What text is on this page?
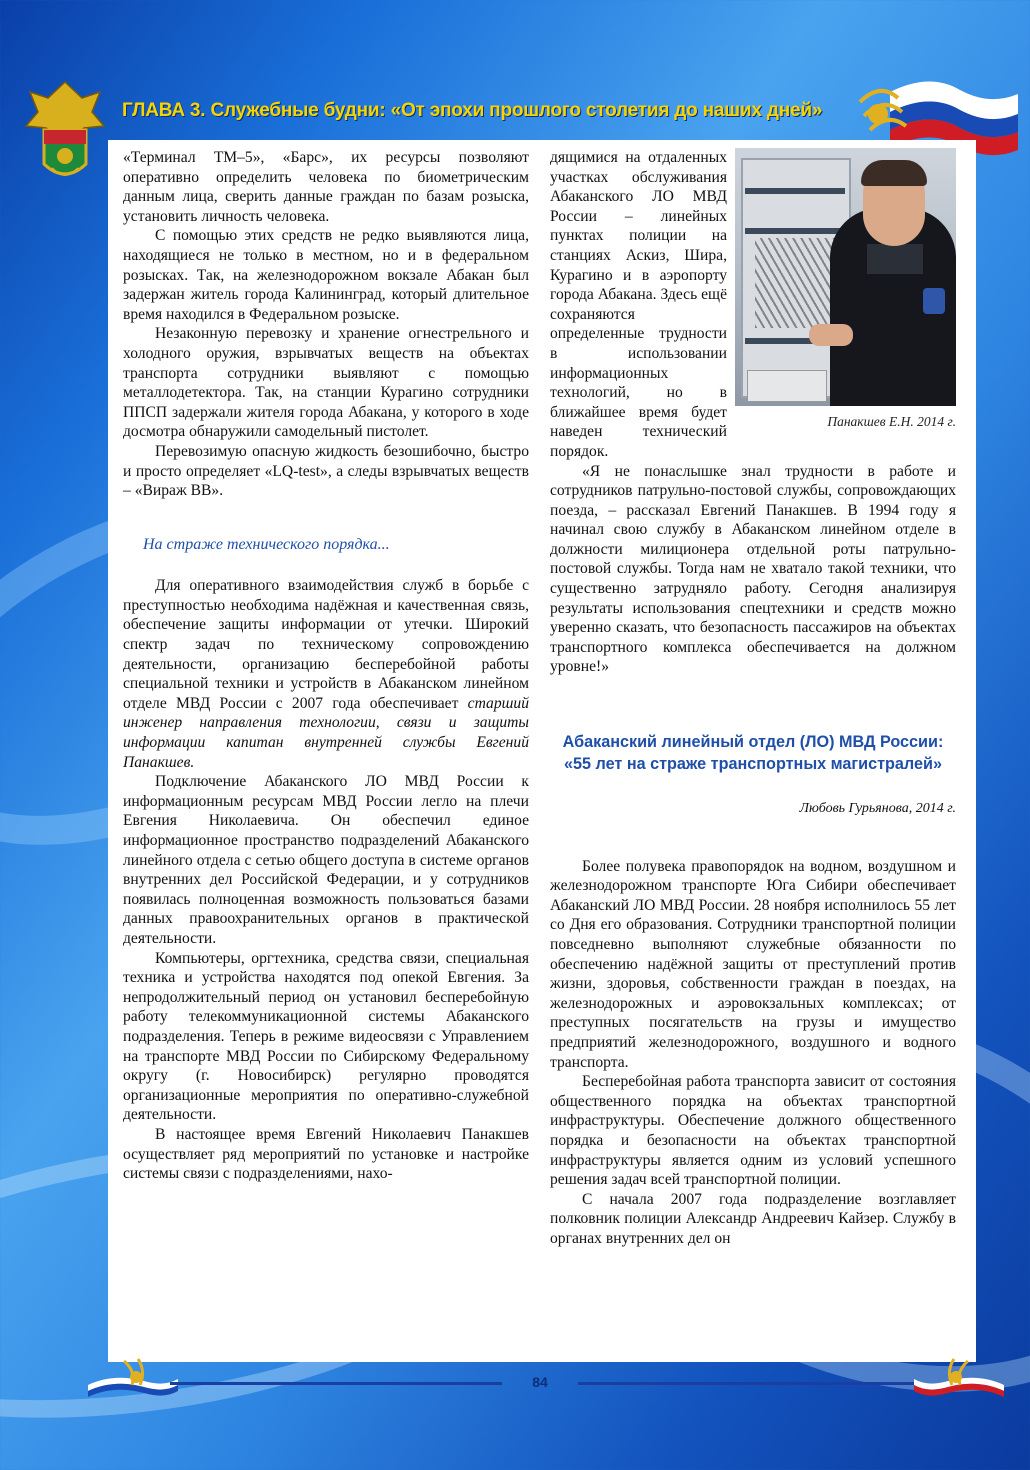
ГЛАВА 3. Служебные будни: «От эпохи прошлого столетия до наших дней»

«Терминал ТМ–5», «Барс», их ресурсы позволяют оперативно определить человека по биометрическим данным лица, сверить данные граждан по базам розыска, установить личность человека.

С помощью этих средств не редко выявляются лица, находящиеся не только в местном, но и в федеральном розысках. Так, на железнодорожном вокзале Абакан был задержан житель города Калининград, который длительное время находился в Федеральном розыске.

Незаконную перевозку и хранение огнестрельного и холодного оружия, взрывчатых веществ на объектах транспорта сотрудники выявляют с помощью металлодетектора. Так, на станции Курагино сотрудники ППСП задержали жителя города Абакана, у которого в ходе досмотра обнаружили самодельный пистолет.

Перевозимую опасную жидкость безошибочно, быстро и просто определяет «LQ-test», а следы взрывчатых веществ – «Вираж ВВ».

На страже технического порядка...

Для оперативного взаимодействия служб в борьбе с преступностью необходима надёжная и качественная связь, обеспечение защиты информации от утечки. Широкий спектр задач по техническому сопровождению деятельности, организацию бесперебойной работы специальной техники и устройств в Абаканском линейном отделе МВД России с 2007 года обеспечивает старший инженер направления технологии, связи и защиты информации капитан внутренней службы Евгений Панакшев.

Подключение Абаканского ЛО МВД России к информационным ресурсам МВД России легло на плечи Евгения Николаевича. Он обеспечил единое информационное пространство подразделений Абаканского линейного отдела с сетью общего доступа в системе органов внутренних дел Российской Федерации, и у сотрудников появилась полноценная возможность пользоваться базами данных правоохранительных органов в практической деятельности.

Компьютеры, оргтехника, средства связи, специальная техника и устройства находятся под опекой Евгения. За непродолжительный период он установил бесперебойную работу телекоммуникационной системы Абаканского подразделения. Теперь в режиме видеосвязи с Управлением на транспорте МВД России по Сибирскому Федеральному округу (г. Новосибирск) регулярно проводятся организационные мероприятия по оперативно-служебной деятельности.

В настоящее время Евгений Николаевич Панакшев осуществляет ряд мероприятий по установке и настройке системы связи с подразделениями, нахо-

Панакшев Е.Н. 2014 г.

дящимися на отдаленных участках обслуживания Абаканского ЛО МВД России – линейных пунктах полиции на станциях Аскиз, Шира, Курагино и в аэропорту города Абакана. Здесь ещё сохраняются определенные трудности в использовании информационных технологий, но в ближайшее время будет наведен технический порядок.

«Я не понаслышке знал трудности в работе и сотрудников патрульно-постовой службы, сопровождающих поезда, – рассказал Евгений Панакшев. В 1994 году я начинал свою службу в Абаканском линейном отделе в должности милиционера отдельной роты патрульно-постовой службы. Тогда нам не хватало такой техники, что существенно затрудняло работу. Сегодня анализируя результаты использования спецтехники и средств можно уверенно сказать, что безопасность пассажиров на объектах транспортного комплекса обеспечивается на должном уровне!»

Абаканский линейный отдел (ЛО) МВД России:
«55 лет на страже транспортных магистралей»
Любовь Гурьянова, 2014 г.

Более полувека правопорядок на водном, воздушном и железнодорожном транспорте Юга Сибири обеспечивает Абаканский ЛО МВД России. 28 ноября исполнилось 55 лет со Дня его образования. Сотрудники транспортной полиции повседневно выполняют служебные обязанности по обеспечению надёжной защиты от преступлений против жизни, здоровья, собственности граждан в поездах, на железнодорожных и аэровокзальных комплексах; от преступных посягательств на грузы и имущество предприятий железнодорожного, воздушного и водного транспорта.

Бесперебойная работа транспорта зависит от состояния общественного порядка на объектах транспортной инфраструктуры. Обеспечение должного общественного порядка и безопасности на объектах транспортной инфраструктуры является одним из условий успешного решения задач всей транспортной полиции.

С начала 2007 года подразделение возглавляет полковник полиции Александр Андреевич Кайзер. Службу в органах внутренних дел он

84
